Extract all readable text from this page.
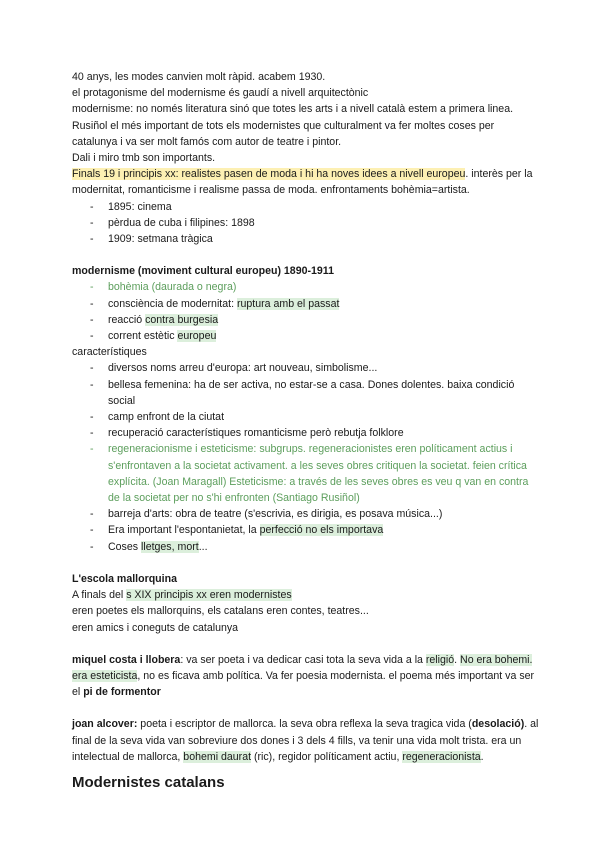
40 anys, les modes canvien molt ràpid. acabem 1930.

el protagonisme del modernisme és gaudí a nivell arquitectònic

modernisme: no només literatura sinó que totes les arts i a nivell català estem a primera linea. Rusiñol el més important de tots els modernistes que culturalment va fer moltes coses per catalunya i va ser molt famós com autor de teatre i pintor.

Dali i miro tmb son importants.

Finals 19 i principis xx: realistes pasen de moda i hi ha noves idees a nivell europeu. interès per la modernitat, romanticisme i realisme passa de moda. enfrontaments bohèmia=artista.

- 1895: cinema
- pèrdua de cuba i filipines: 1898
- 1909: setmana tràgica

modernisme (moviment cultural europeu) 1890-1911

- bohèmia (daurada o negra)
- consciència de modernitat: ruptura amb el passat
- reacció contra burgesia
- corrent estètic europeu

característiques

- diversos noms arreu d'europa: art nouveau, simbolisme...
- bellesa femenina: ha de ser activa, no estar-se a casa. Dones dolentes. baixa condició social
- camp enfront de la ciutat
- recuperació característiques romanticisme però rebutja folklore
- regeneracionisme i esteticisme: subgrups. regeneracionistes eren políticament actius i s'enfrontaven a la societat activament. a les seves obres critiquen la societat. feien crítica explícita. (Joan Maragall) Esteticisme: a través de les seves obres es veu q van en contra de la societat per no s'hi enfronten (Santiago Rusiñol)
- barreja d'arts: obra de teatre (s'escrivia, es dirigia, es posava música...)
- Era important l'espontanietat, la perfecció no els importava
- Coses lletges, mort...

L'escola mallorquina

A finals del s XIX principis xx eren modernistes

eren poetes els mallorquins, els catalans eren contes, teatres...

eren amics i coneguts de catalunya

miquel costa i llobera: va ser poeta i va dedicar casi tota la seva vida a la religió. No era bohemi. era esteticista, no es ficava amb política. Va fer poesia modernista. el poema més important va ser el pi de formentor

joan alcover: poeta i escriptor de mallorca. la seva obra reflexa la seva tragica vida (desolació). al final de la seva vida van sobreviure dos dones i 3 dels 4 fills, va tenir una vida molt trista. era un intelectual de mallorca, bohemi daurat (ric), regidor políticament actiu, regeneracionista.

Modernistes catalans
